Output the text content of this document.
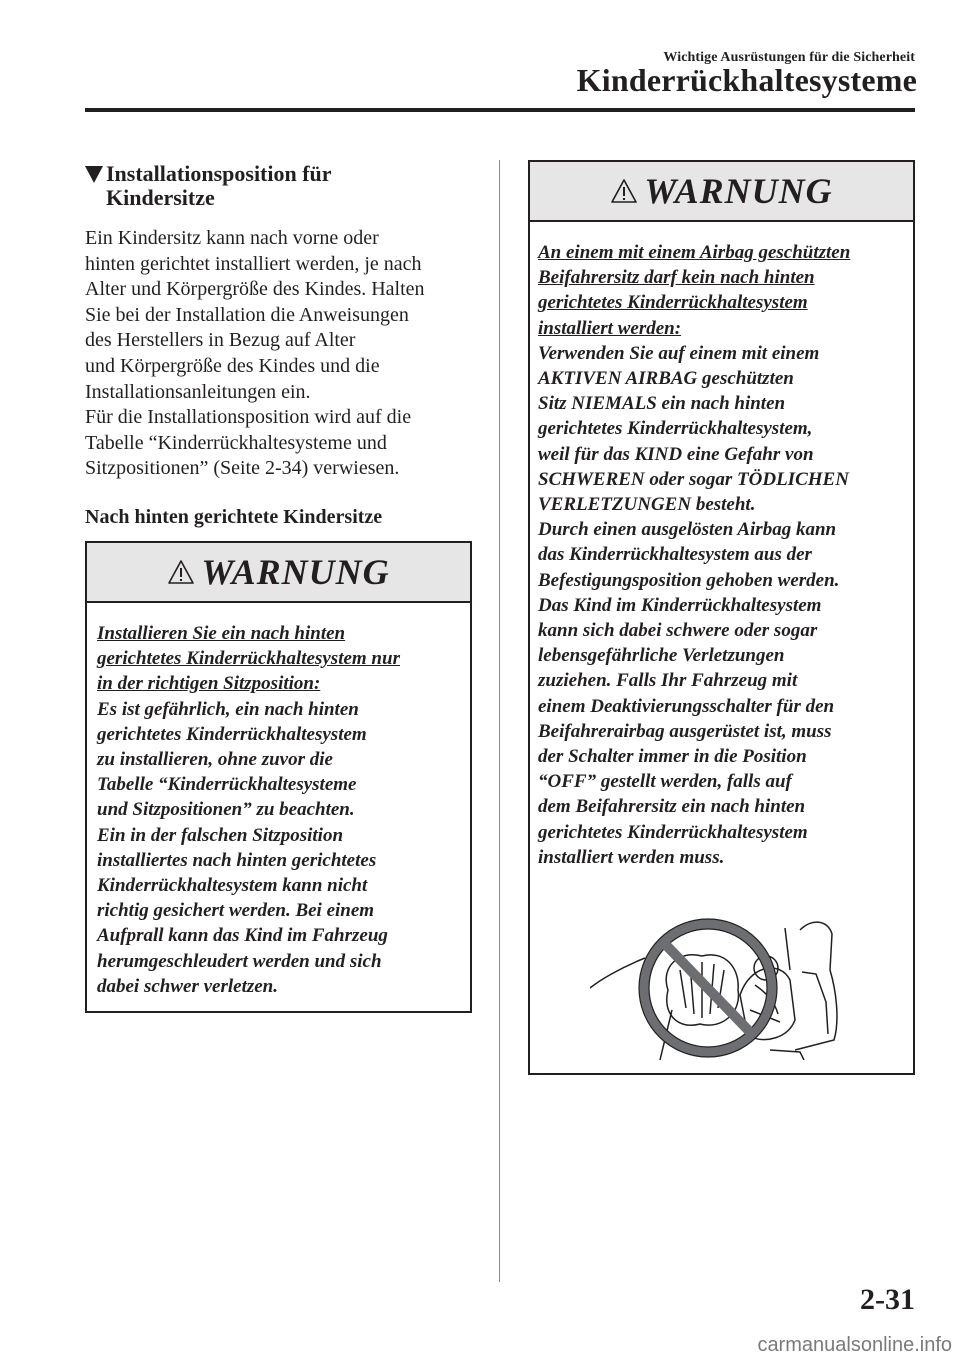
Wichtige Ausrüstungen für die Sicherheit
Kinderrückhaltesysteme
Installationsposition für
Kindersitze
Ein Kindersitz kann nach vorne oder
hinten gerichtet installiert werden, je nach
Alter und Körpergröße des Kindes. Halten
Sie bei der Installation die Anweisungen
des Herstellers in Bezug auf Alter
und Körpergröße des Kindes und die
Installationsanleitungen ein.
Für die Installationsposition wird auf die
Tabelle “Kinderrückhaltesysteme und
Sitzpositionen” (Seite 2-34) verwiesen.
Nach hinten gerichtete Kindersitze
WARNUNG
Installieren Sie ein nach hinten
gerichtetes Kinderrückhaltesystem nur
in der richtigen Sitzposition:
Es ist gefährlich, ein nach hinten
gerichtetes Kinderrückhaltesystem
zu installieren, ohne zuvor die
Tabelle “Kinderrückhaltesysteme
und Sitzpositionen” zu beachten.
Ein in der falschen Sitzposition
installiertes nach hinten gerichtetes
Kinderrückhaltesystem kann nicht
richtig gesichert werden. Bei einem
Aufprall kann das Kind im Fahrzeug
herumgeschleudert werden und sich
dabei schwer verletzen.
WARNUNG
An einem mit einem Airbag geschützten
Beifahrersitz darf kein nach hinten
gerichtetes Kinderrückhaltesystem
installiert werden:
Verwenden Sie auf einem mit einem
AKTIVEN AIRBAG geschützten
Sitz NIEMALS ein nach hinten
gerichtetes Kinderrückhaltesystem,
weil für das KIND eine Gefahr von
SCHWEREN oder sogar TÖDLICHEN
VERLETZUNGEN besteht.
Durch einen ausgelösten Airbag kann
das Kinderrückhaltesystem aus der
Befestigungsposition gehoben werden.
Das Kind im Kinderrückhaltesystem
kann sich dabei schwere oder sogar
lebensgefährliche Verletzungen
zuziehen. Falls Ihr Fahrzeug mit
einem Deaktivierungsschalter für den
Beifahrerairbag ausgerüstet ist, muss
der Schalter immer in die Position
“OFF” gestellt werden, falls auf
dem Beifahrersitz ein nach hinten
gerichtetes Kinderrückhaltesystem
installiert werden muss.
2-31
carmanualsonline.info
